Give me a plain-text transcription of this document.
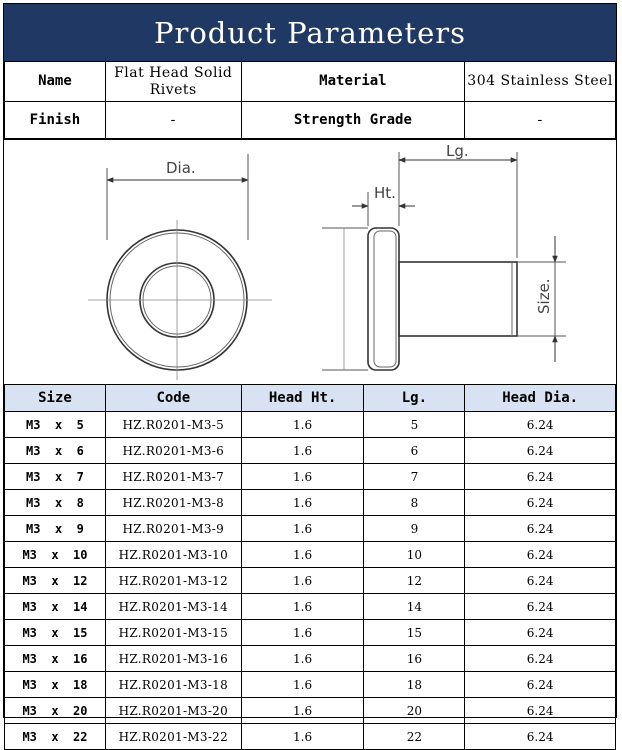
Product Parameters
Name	Flat Head Solid Rivets	Material	304 Stainless Steel
Finish	-	Strength Grade	-
Dia.
Lg.
Ht.
Size.
Size	Code	Head Ht.	Lg.	Head Dia.
M3  x  5	HZ.R0201-M3-5	1.6	5	6.24
M3  x  6	HZ.R0201-M3-6	1.6	6	6.24
M3  x  7	HZ.R0201-M3-7	1.6	7	6.24
M3  x  8	HZ.R0201-M3-8	1.6	8	6.24
M3  x  9	HZ.R0201-M3-9	1.6	9	6.24
M3  x  10	HZ.R0201-M3-10	1.6	10	6.24
M3  x  12	HZ.R0201-M3-12	1.6	12	6.24
M3  x  14	HZ.R0201-M3-14	1.6	14	6.24
M3  x  15	HZ.R0201-M3-15	1.6	15	6.24
M3  x  16	HZ.R0201-M3-16	1.6	16	6.24
M3  x  18	HZ.R0201-M3-18	1.6	18	6.24
M3  x  20	HZ.R0201-M3-20	1.6	20	6.24
M3  x  22	HZ.R0201-M3-22	1.6	22	6.24
